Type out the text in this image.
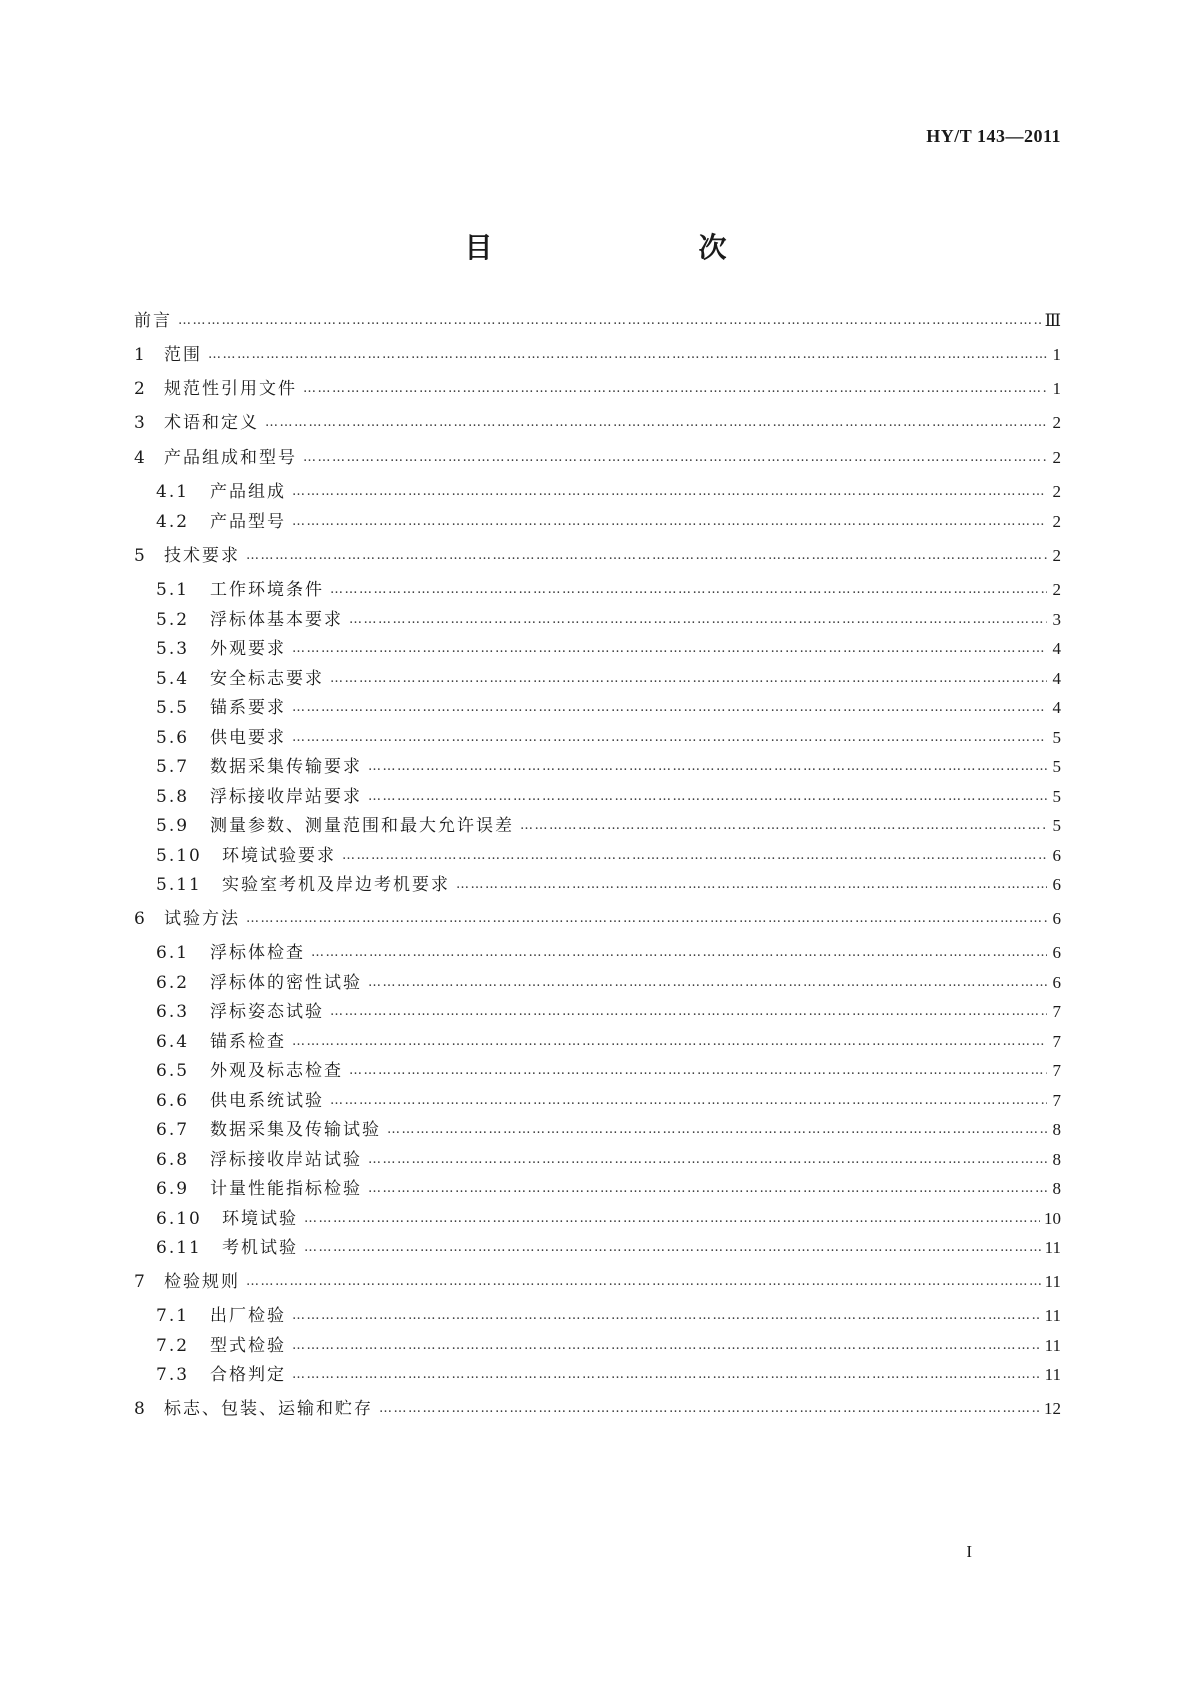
HY/T 143—2011
目　　次
前言 …………………………………………………………………………………………………………………………………………………………………………………	Ⅲ
1	范围 …………………………………………………………………………………………………………………………………………………………………………………	1
2	规范性引用文件 …………………………………………………………………………………………………………………………………………………………………………………	1
3	术语和定义 …………………………………………………………………………………………………………………………………………………………………………………	2
4	产品组成和型号 …………………………………………………………………………………………………………………………………………………………………………………	2
4.1	产品组成 …………………………………………………………………………………………………………………………………………………………………………………	2
4.2	产品型号 …………………………………………………………………………………………………………………………………………………………………………………	2
5	技术要求 …………………………………………………………………………………………………………………………………………………………………………………	2
5.1	工作环境条件 …………………………………………………………………………………………………………………………………………………………………………………	2
5.2	浮标体基本要求 …………………………………………………………………………………………………………………………………………………………………………………	3
5.3	外观要求 …………………………………………………………………………………………………………………………………………………………………………………	4
5.4	安全标志要求 …………………………………………………………………………………………………………………………………………………………………………………	4
5.5	锚系要求 …………………………………………………………………………………………………………………………………………………………………………………	4
5.6	供电要求 …………………………………………………………………………………………………………………………………………………………………………………	5
5.7	数据采集传输要求 …………………………………………………………………………………………………………………………………………………………………………………	5
5.8	浮标接收岸站要求 …………………………………………………………………………………………………………………………………………………………………………………	5
5.9	测量参数、测量范围和最大允许误差 …………………………………………………………………………………………………………………………………………………………………………………	5
5.10	环境试验要求 …………………………………………………………………………………………………………………………………………………………………………………	6
5.11	实验室考机及岸边考机要求 …………………………………………………………………………………………………………………………………………………………………………………	6
6	试验方法 …………………………………………………………………………………………………………………………………………………………………………………	6
6.1	浮标体检查 …………………………………………………………………………………………………………………………………………………………………………………	6
6.2	浮标体的密性试验 …………………………………………………………………………………………………………………………………………………………………………………	6
6.3	浮标姿态试验 …………………………………………………………………………………………………………………………………………………………………………………	7
6.4	锚系检查 …………………………………………………………………………………………………………………………………………………………………………………	7
6.5	外观及标志检查 …………………………………………………………………………………………………………………………………………………………………………………	7
6.6	供电系统试验 …………………………………………………………………………………………………………………………………………………………………………………	7
6.7	数据采集及传输试验 …………………………………………………………………………………………………………………………………………………………………………………	8
6.8	浮标接收岸站试验 …………………………………………………………………………………………………………………………………………………………………………………	8
6.9	计量性能指标检验 …………………………………………………………………………………………………………………………………………………………………………………	8
6.10	环境试验 …………………………………………………………………………………………………………………………………………………………………………………	10
6.11	考机试验 …………………………………………………………………………………………………………………………………………………………………………………	11
7	检验规则 …………………………………………………………………………………………………………………………………………………………………………………	11
7.1	出厂检验 …………………………………………………………………………………………………………………………………………………………………………………	11
7.2	型式检验 …………………………………………………………………………………………………………………………………………………………………………………	11
7.3	合格判定 …………………………………………………………………………………………………………………………………………………………………………………	11
8	标志、包装、运输和贮存 …………………………………………………………………………………………………………………………………………………………………………………	12
I
